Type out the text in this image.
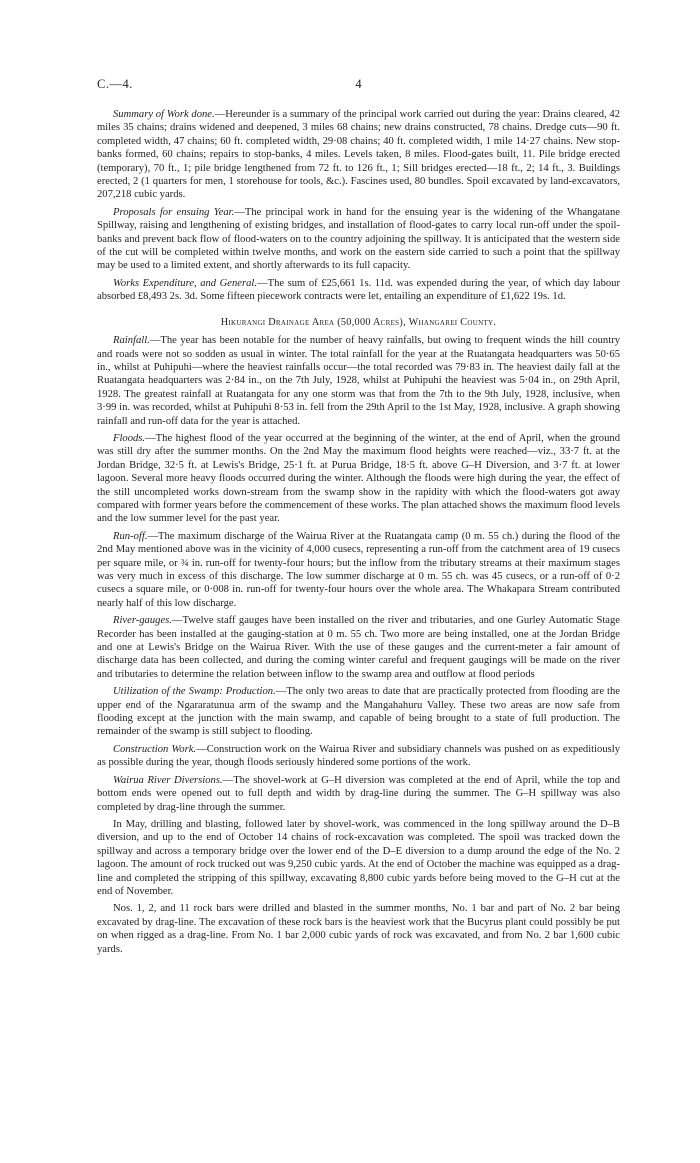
C.—4.	4

Summary of Work done.—Hereunder is a summary of the principal work carried out during the year: Drains cleared, 42 miles 35 chains; drains widened and deepened, 3 miles 68 chains; new drains constructed, 78 chains. Dredge cuts—90 ft. completed width, 47 chains; 60 ft. completed width, 29·08 chains; 40 ft. completed width, 1 mile 14·27 chains. New stop-banks formed, 60 chains; repairs to stop-banks, 4 miles. Levels taken, 8 miles. Flood-gates built, 11. Pile bridge erected (temporary), 70 ft., 1; pile bridge lengthened from 72 ft. to 126 ft., 1; Sill bridges erected—18 ft., 2; 14 ft., 3. Buildings erected, 2 (1 quarters for men, 1 storehouse for tools, &c.). Fascines used, 80 bundles. Spoil excavated by land-excavators, 207,218 cubic yards.

Proposals for ensuing Year.—The principal work in hand for the ensuing year is the widening of the Whangatane Spillway, raising and lengthening of existing bridges, and installation of flood-gates to carry local run-off under the spoil-banks and prevent back flow of flood-waters on to the country adjoining the spillway. It is anticipated that the western side of the cut will be completed within twelve months, and work on the eastern side carried to such a point that the spillway may be used to a limited extent, and shortly afterwards to its full capacity.

Works Expenditure, and General.—The sum of £25,661 1s. 11d. was expended during the year, of which day labour absorbed £8,493 2s. 3d. Some fifteen piecework contracts were let, entailing an expenditure of £1,622 19s. 1d.

Hikurangi Drainage Area (50,000 Acres), Whangarei County.

Rainfall.—The year has been notable for the number of heavy rainfalls, but owing to frequent winds the hill country and roads were not so sodden as usual in winter. The total rainfall for the year at the Ruatangata headquarters was 50·65 in., whilst at Puhipuhi—where the heaviest rainfalls occur—the total recorded was 79·83 in. The heaviest daily fall at the Ruatangata headquarters was 2·84 in., on the 7th July, 1928, whilst at Puhipuhi the heaviest was 5·04 in., on 29th April, 1928. The greatest rainfall at Ruatangata for any one storm was that from the 7th to the 9th July, 1928, inclusive, when 3·99 in. was recorded, whilst at Puhipuhi 8·53 in. fell from the 29th April to the 1st May, 1928, inclusive. A graph showing rainfall and run-off data for the year is attached.

Floods.—The highest flood of the year occurred at the beginning of the winter, at the end of April, when the ground was still dry after the summer months. On the 2nd May the maximum flood heights were reached—viz., 33·7 ft. at the Jordan Bridge, 32·5 ft. at Lewis's Bridge, 25·1 ft. at Purua Bridge, 18·5 ft. above G–H Diversion, and 3·7 ft. at lower lagoon. Several more heavy floods occurred during the winter. Although the floods were high during the year, the effect of the still uncompleted works down-stream from the swamp show in the rapidity with which the flood-waters got away compared with former years before the commencement of these works. The plan attached shows the maximum flood levels and the low summer level for the past year.

Run-off.—The maximum discharge of the Wairua River at the Ruatangata camp (0 m. 55 ch.) during the flood of the 2nd May mentioned above was in the vicinity of 4,000 cusecs, representing a run-off from the catchment area of 19 cusecs per square mile, or ¾ in. run-off for twenty-four hours; but the inflow from the tributary streams at their maximum stages was very much in excess of this discharge. The low summer discharge at 0 m. 55 ch. was 45 cusecs, or a run-off of 0·2 cusecs a square mile, or 0·008 in. run-off for twenty-four hours over the whole area. The Whakapara Stream contributed nearly half of this low discharge.

River-gauges.—Twelve staff gauges have been installed on the river and tributaries, and one Gurley Automatic Stage Recorder has been installed at the gauging-station at 0 m. 55 ch. Two more are being installed, one at the Jordan Bridge and one at Lewis's Bridge on the Wairua River. With the use of these gauges and the current-meter a fair amount of discharge data has been collected, and during the coming winter careful and frequent gaugings will be made on the river and tributaries to determine the relation between inflow to the swamp area and outflow at flood periods

Utilization of the Swamp: Production.—The only two areas to date that are practically protected from flooding are the upper end of the Ngararatunua arm of the swamp and the Mangahahuru Valley. These two areas are now safe from flooding except at the junction with the main swamp, and capable of being brought to a state of full production. The remainder of the swamp is still subject to flooding.

Construction Work.—Construction work on the Wairua River and subsidiary channels was pushed on as expeditiously as possible during the year, though floods seriously hindered some portions of the work.

Wairua River Diversions.—The shovel-work at G–H diversion was completed at the end of April, while the top and bottom ends were opened out to full depth and width by drag-line during the summer. The G–H spillway was also completed by drag-line through the summer.

In May, drilling and blasting, followed later by shovel-work, was commenced in the long spillway around the D–B diversion, and up to the end of October 14 chains of rock-excavation was completed. The spoil was tracked down the spillway and across a temporary bridge over the lower end of the D–E diversion to a dump around the edge of the No. 2 lagoon. The amount of rock trucked out was 9,250 cubic yards. At the end of October the machine was equipped as a drag-line and completed the stripping of this spillway, excavating 8,800 cubic yards before being moved to the G–H cut at the end of November.

Nos. 1, 2, and 11 rock bars were drilled and blasted in the summer months, No. 1 bar and part of No. 2 bar being excavated by drag-line. The excavation of these rock bars is the heaviest work that the Bucyrus plant could possibly be put on when rigged as a drag-line. From No. 1 bar 2,000 cubic yards of rock was excavated, and from No. 2 bar 1,600 cubic yards.
